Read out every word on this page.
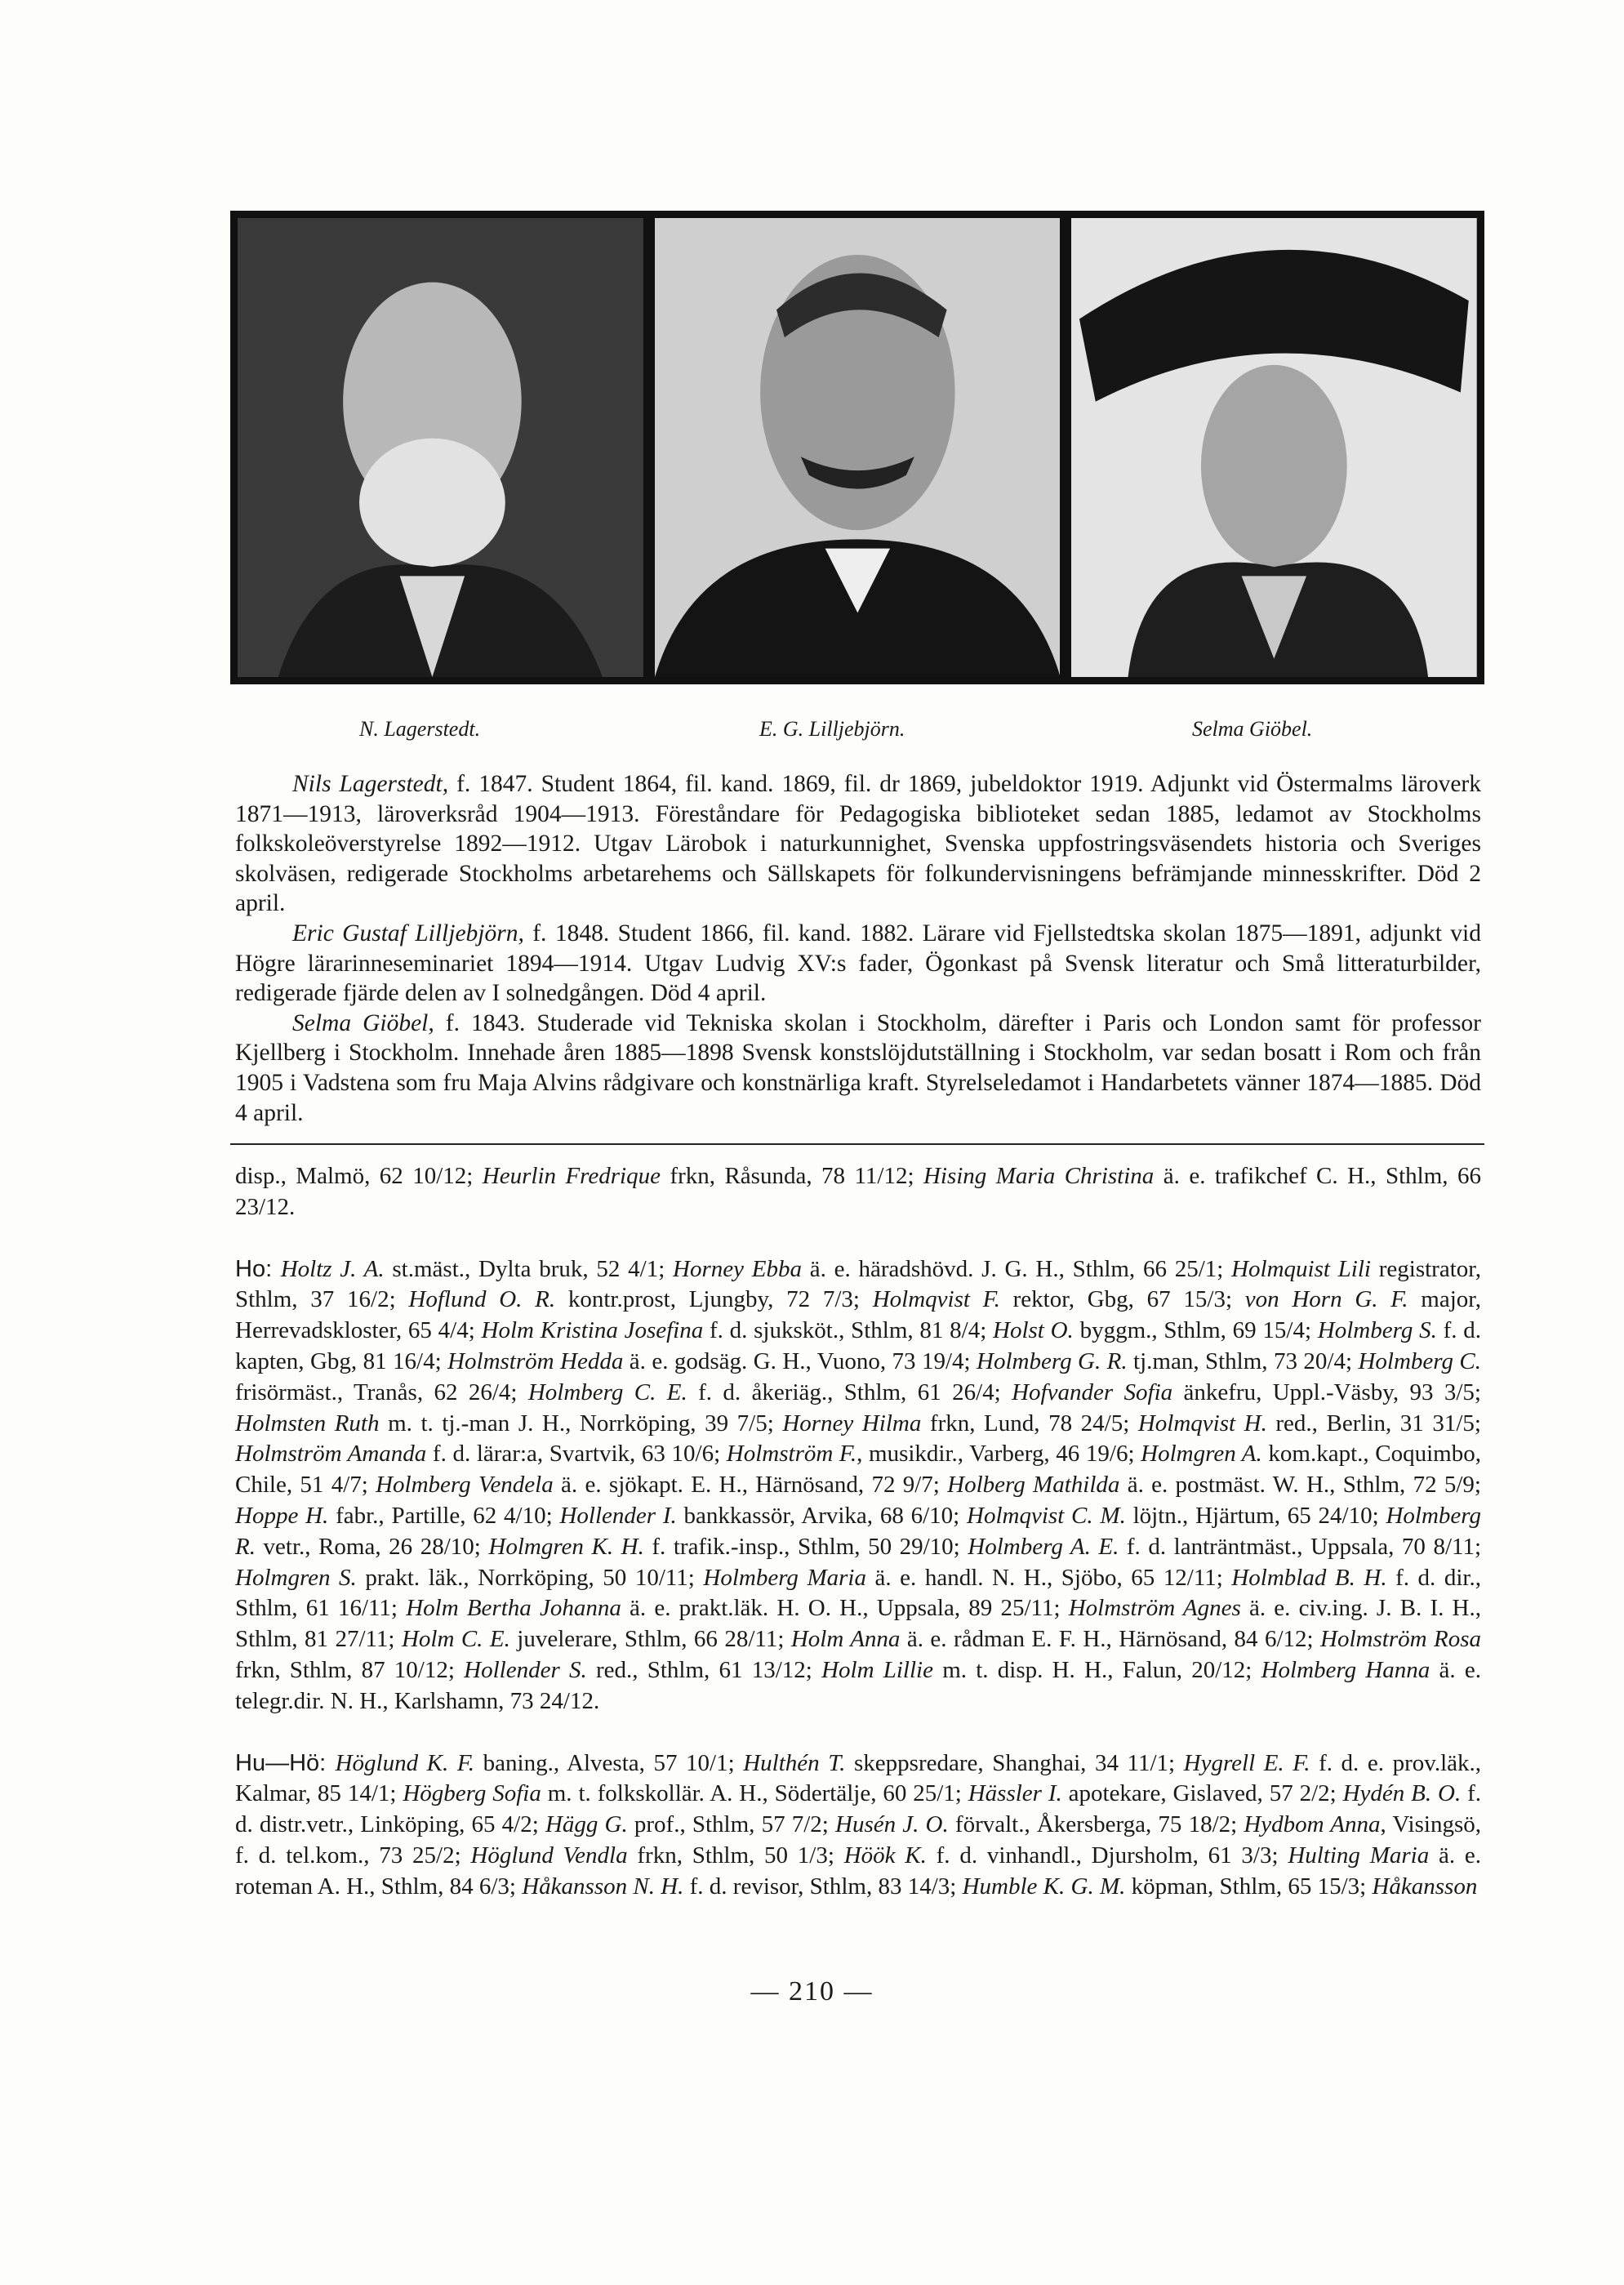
N. Lagerstedt.	E. G. Lilljebjörn.	Selma Giöbel.

Nils Lagerstedt, f. 1847. Student 1864, fil. kand. 1869, fil. dr 1869, jubeldoktor 1919. Adjunkt vid Östermalms läroverk 1871—1913, läroverksråd 1904—1913. Föreståndare för Pedagogiska biblioteket sedan 1885, ledamot av Stockholms folkskoleöverstyrelse 1892—1912. Utgav Lärobok i naturkunnighet, Svenska uppfostringsväsendets historia och Sveriges skolväsen, redigerade Stockholms arbetarehems och Sällskapets för folkundervisningens befrämjande minnesskrifter. Död 2 april.

Eric Gustaf Lilljebjörn, f. 1848. Student 1866, fil. kand. 1882. Lärare vid Fjellstedtska skolan 1875—1891, adjunkt vid Högre lärarinneseminariet 1894—1914. Utgav Ludvig XV:s fader, Ögonkast på Svensk literatur och Små litteraturbilder, redigerade fjärde delen av I solnedgången. Död 4 april.

Selma Giöbel, f. 1843. Studerade vid Tekniska skolan i Stockholm, därefter i Paris och London samt för professor Kjellberg i Stockholm. Innehade åren 1885—1898 Svensk konstslöjdutställning i Stockholm, var sedan bosatt i Rom och från 1905 i Vadstena som fru Maja Alvins rådgivare och konstnärliga kraft. Styrelseledamot i Handarbetets vänner 1874—1885. Död 4 april.

disp., Malmö, 62 10/12; Heurlin Fredrique frkn, Råsunda, 78 11/12; Hising Maria Christina ä. e. trafikchef C. H., Sthlm, 66 23/12.

Ho: Holtz J. A. st.mäst., Dylta bruk, 52 4/1; Horney Ebba ä. e. häradshövd. J. G. H., Sthlm, 66 25/1; Holmquist Lili registrator, Sthlm, 37 16/2; Hoflund O. R. kontr.prost, Ljungby, 72 7/3; Holmqvist F. rektor, Gbg, 67 15/3; von Horn G. F. major, Herrevadskloster, 65 4/4; Holm Kristina Josefina f. d. sjuksköt., Sthlm, 81 8/4; Holst O. byggm., Sthlm, 69 15/4; Holmberg S. f. d. kapten, Gbg, 81 16/4; Holmström Hedda ä. e. godsäg. G. H., Vuono, 73 19/4; Holmberg G. R. tj.man, Sthlm, 73 20/4; Holmberg C. frisörmäst., Tranås, 62 26/4; Holmberg C. E. f. d. åkeriäg., Sthlm, 61 26/4; Hofvander Sofia änkefru, Uppl.-Väsby, 93 3/5; Holmsten Ruth m. t. tj.-man J. H., Norrköping, 39 7/5; Horney Hilma frkn, Lund, 78 24/5; Holmqvist H. red., Berlin, 31 31/5; Holmström Amanda f. d. lärar:a, Svartvik, 63 10/6; Holmström F., musikdir., Varberg, 46 19/6; Holmgren A. kom.kapt., Coquimbo, Chile, 51 4/7; Holmberg Vendela ä. e. sjökapt. E. H., Härnösand, 72 9/7; Holberg Mathilda ä. e. postmäst. W. H., Sthlm, 72 5/9; Hoppe H. fabr., Partille, 62 4/10; Hollender I. bankkassör, Arvika, 68 6/10; Holmqvist C. M. löjtn., Hjärtum, 65 24/10; Holmberg R. vetr., Roma, 26 28/10; Holmgren K. H. f. trafik.-insp., Sthlm, 50 29/10; Holmberg A. E. f. d. lanträntmäst., Uppsala, 70 8/11; Holmgren S. prakt. läk., Norrköping, 50 10/11; Holmberg Maria ä. e. handl. N. H., Sjöbo, 65 12/11; Holmblad B. H. f. d. dir., Sthlm, 61 16/11; Holm Bertha Johanna ä. e. prakt.läk. H. O. H., Uppsala, 89 25/11; Holmström Agnes ä. e. civ.ing. J. B. I. H., Sthlm, 81 27/11; Holm C. E. juvelerare, Sthlm, 66 28/11; Holm Anna ä. e. rådman E. F. H., Härnösand, 84 6/12; Holmström Rosa frkn, Sthlm, 87 10/12; Hollender S. red., Sthlm, 61 13/12; Holm Lillie m. t. disp. H. H., Falun, 20/12; Holmberg Hanna ä. e. telegr.dir. N. H., Karlshamn, 73 24/12.

Hu—Hö: Höglund K. F. baning., Alvesta, 57 10/1; Hulthén T. skeppsredare, Shanghai, 34 11/1; Hygrell E. F. f. d. e. prov.läk., Kalmar, 85 14/1; Högberg Sofia m. t. folkskollär. A. H., Södertälje, 60 25/1; Hässler I. apotekare, Gislaved, 57 2/2; Hydén B. O. f. d. distr.vetr., Linköping, 65 4/2; Hägg G. prof., Sthlm, 57 7/2; Husén J. O. förvalt., Åkersberga, 75 18/2; Hydbom Anna, Visingsö, f. d. tel.kom., 73 25/2; Höglund Vendla frkn, Sthlm, 50 1/3; Höök K. f. d. vinhandl., Djursholm, 61 3/3; Hulting Maria ä. e. roteman A. H., Sthlm, 84 6/3; Håkansson N. H. f. d. revisor, Sthlm, 83 14/3; Humble K. G. M. köpman, Sthlm, 65 15/3; Håkansson

— 210 —
